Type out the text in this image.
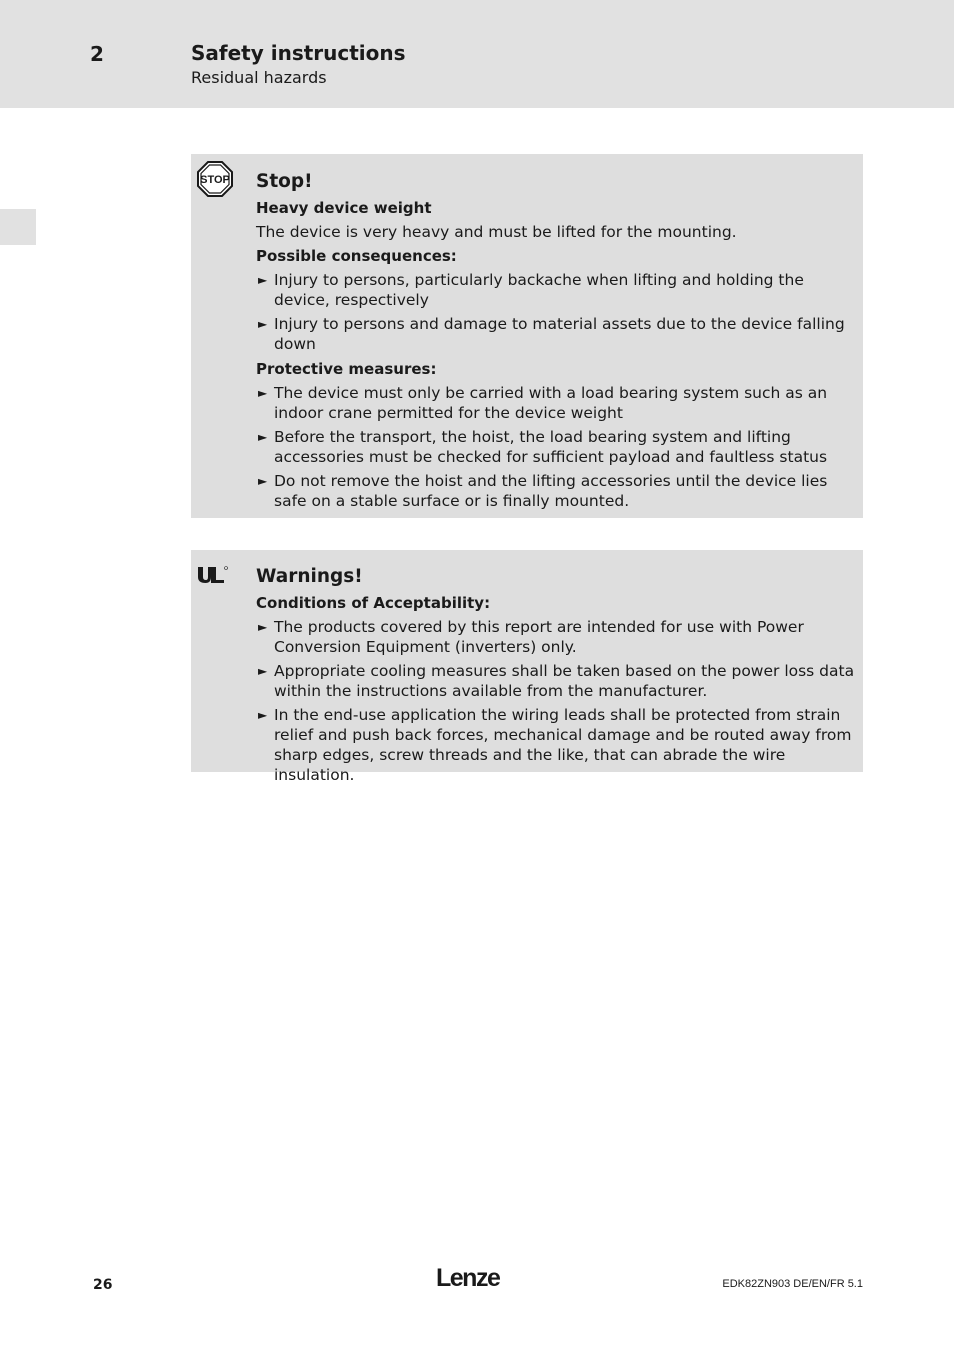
2	Safety instructions
Residual hazards
STOP Stop!
Heavy device weight
The device is very heavy and must be lifted for the mounting.
Possible consequences:
► Injury to persons, particularly backache when lifting and holding the device, respectively
► Injury to persons and damage to material assets due to the device falling down
Protective measures:
► The device must only be carried with a load bearing system such as an indoor crane permitted for the device weight
► Before the transport, the hoist, the load bearing system and lifting accessories must be checked for sufficient payload and faultless status
► Do not remove the hoist and the lifting accessories until the device lies safe on a stable surface or is finally mounted.
Warnings!
Conditions of Acceptability:
► The products covered by this report are intended for use with Power Conversion Equipment (inverters) only.
► Appropriate cooling measures shall be taken based on the power loss data within the instructions available from the manufacturer.
► In the end-use application the wiring leads shall be protected from strain relief and push back forces, mechanical damage and be routed away from sharp edges, screw threads and the like, that can abrade the wire insulation.
26	Lenze	EDK82ZN903 DE/EN/FR 5.1
